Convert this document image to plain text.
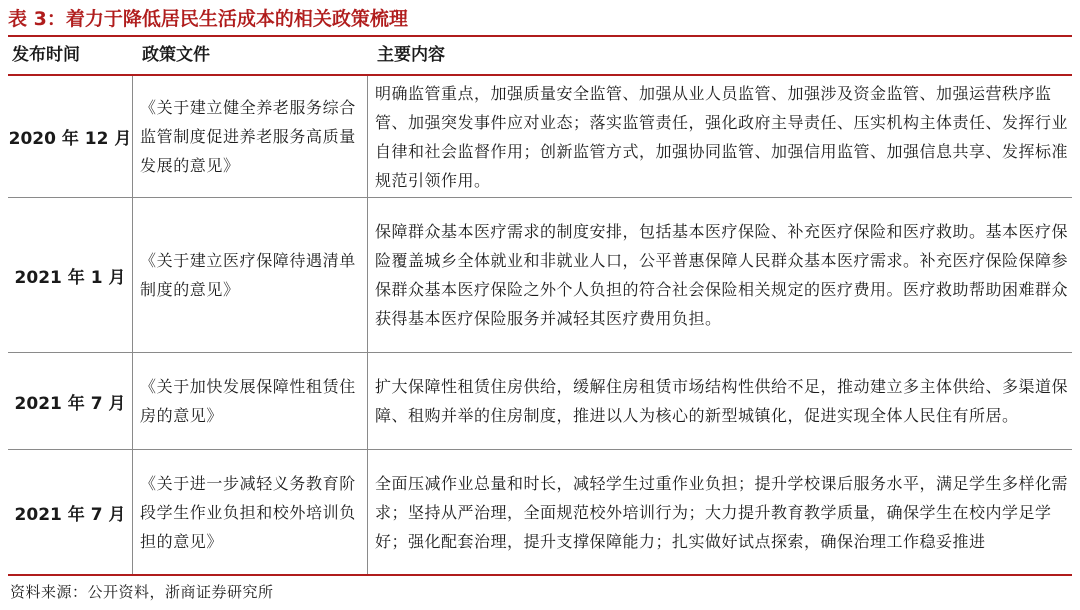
表 3：着力于降低居民生活成本的相关政策梳理
发布时间	政策文件	主要内容
2020 年 12 月
《关于建立健全养老服务综合监管制度促进养老服务高质量发展的意见》
明确监管重点，加强质量安全监管、加强从业人员监管、加强涉及资金监管、加强运营秩序监管、加强突发事件应对业态；落实监管责任，强化政府主导责任、压实机构主体责任、发挥行业自律和社会监督作用；创新监管方式，加强协同监管、加强信用监管、加强信息共享、发挥标准规范引领作用。
2021 年 1 月
《关于建立医疗保障待遇清单制度的意见》
保障群众基本医疗需求的制度安排，包括基本医疗保险、补充医疗保险和医疗救助。基本医疗保险覆盖城乡全体就业和非就业人口，公平普惠保障人民群众基本医疗需求。补充医疗保险保障参保群众基本医疗保险之外个人负担的符合社会保险相关规定的医疗费用。医疗救助帮助困难群众获得基本医疗保险服务并减轻其医疗费用负担。
2021 年 7 月
《关于加快发展保障性租赁住房的意见》
扩大保障性租赁住房供给，缓解住房租赁市场结构性供给不足，推动建立多主体供给、多渠道保障、租购并举的住房制度，推进以人为核心的新型城镇化，促进实现全体人民住有所居。
2021 年 7 月
《关于进一步减轻义务教育阶段学生作业负担和校外培训负担的意见》
全面压减作业总量和时长，减轻学生过重作业负担；提升学校课后服务水平，满足学生多样化需求；坚持从严治理，全面规范校外培训行为；大力提升教育教学质量，确保学生在校内学足学好；强化配套治理，提升支撑保障能力；扎实做好试点探索，确保治理工作稳妥推进
资料来源：公开资料，浙商证券研究所
